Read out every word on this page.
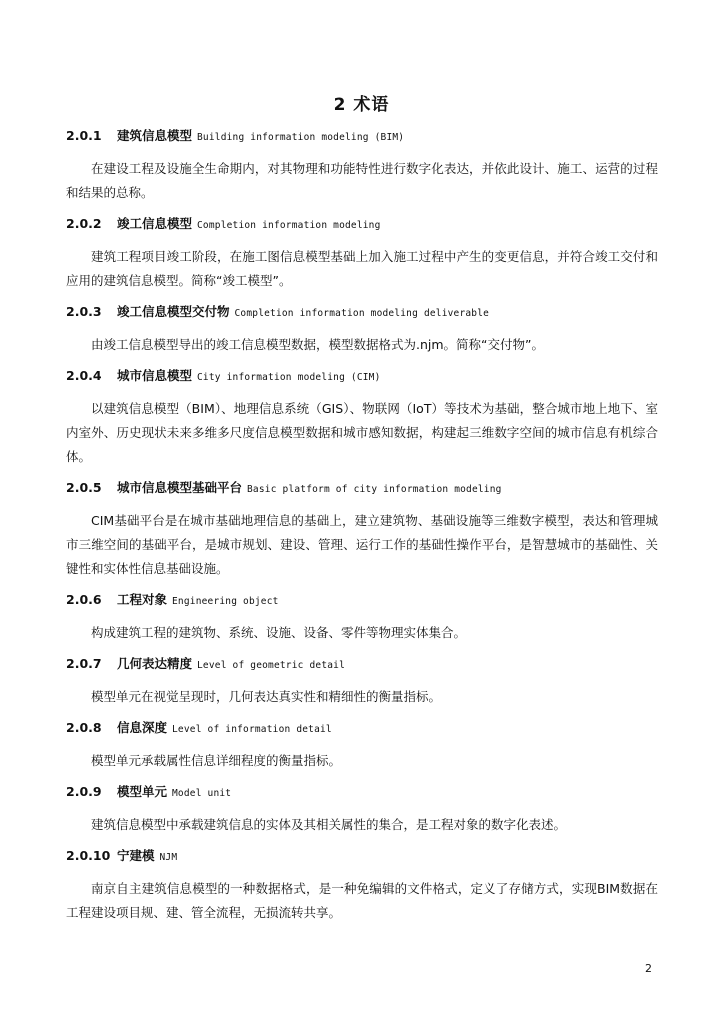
2 术语
2.0.1 建筑信息模型 Building information modeling (BIM)

在建设工程及设施全生命期内，对其物理和功能特性进行数字化表达，并依此设计、施工、运营的过程和结果的总称。

2.0.2 竣工信息模型 Completion information modeling

建筑工程项目竣工阶段，在施工图信息模型基础上加入施工过程中产生的变更信息，并符合竣工交付和应用的建筑信息模型。简称“竣工模型”。

2.0.3 竣工信息模型交付物 Completion information modeling deliverable

由竣工信息模型导出的竣工信息模型数据，模型数据格式为.njm。简称“交付物”。

2.0.4 城市信息模型 City information modeling (CIM)

以建筑信息模型（BIM）、地理信息系统（GIS）、物联网（IoT）等技术为基础，整合城市地上地下、室内室外、历史现状未来多维多尺度信息模型数据和城市感知数据，构建起三维数字空间的城市信息有机综合体。

2.0.5 城市信息模型基础平台 Basic platform of city information modeling

CIM基础平台是在城市基础地理信息的基础上，建立建筑物、基础设施等三维数字模型，表达和管理城市三维空间的基础平台，是城市规划、建设、管理、运行工作的基础性操作平台，是智慧城市的基础性、关键性和实体性信息基础设施。

2.0.6 工程对象 Engineering object

构成建筑工程的建筑物、系统、设施、设备、零件等物理实体集合。

2.0.7 几何表达精度 Level of geometric detail

模型单元在视觉呈现时，几何表达真实性和精细性的衡量指标。

2.0.8 信息深度 Level of information detail

模型单元承载属性信息详细程度的衡量指标。

2.0.9 模型单元 Model unit

建筑信息模型中承载建筑信息的实体及其相关属性的集合，是工程对象的数字化表述。

2.0.10 宁建模 NJM

南京自主建筑信息模型的一种数据格式，是一种免编辑的文件格式，定义了存储方式，实现BIM数据在工程建设项目规、建、管全流程，无损流转共享。

2
